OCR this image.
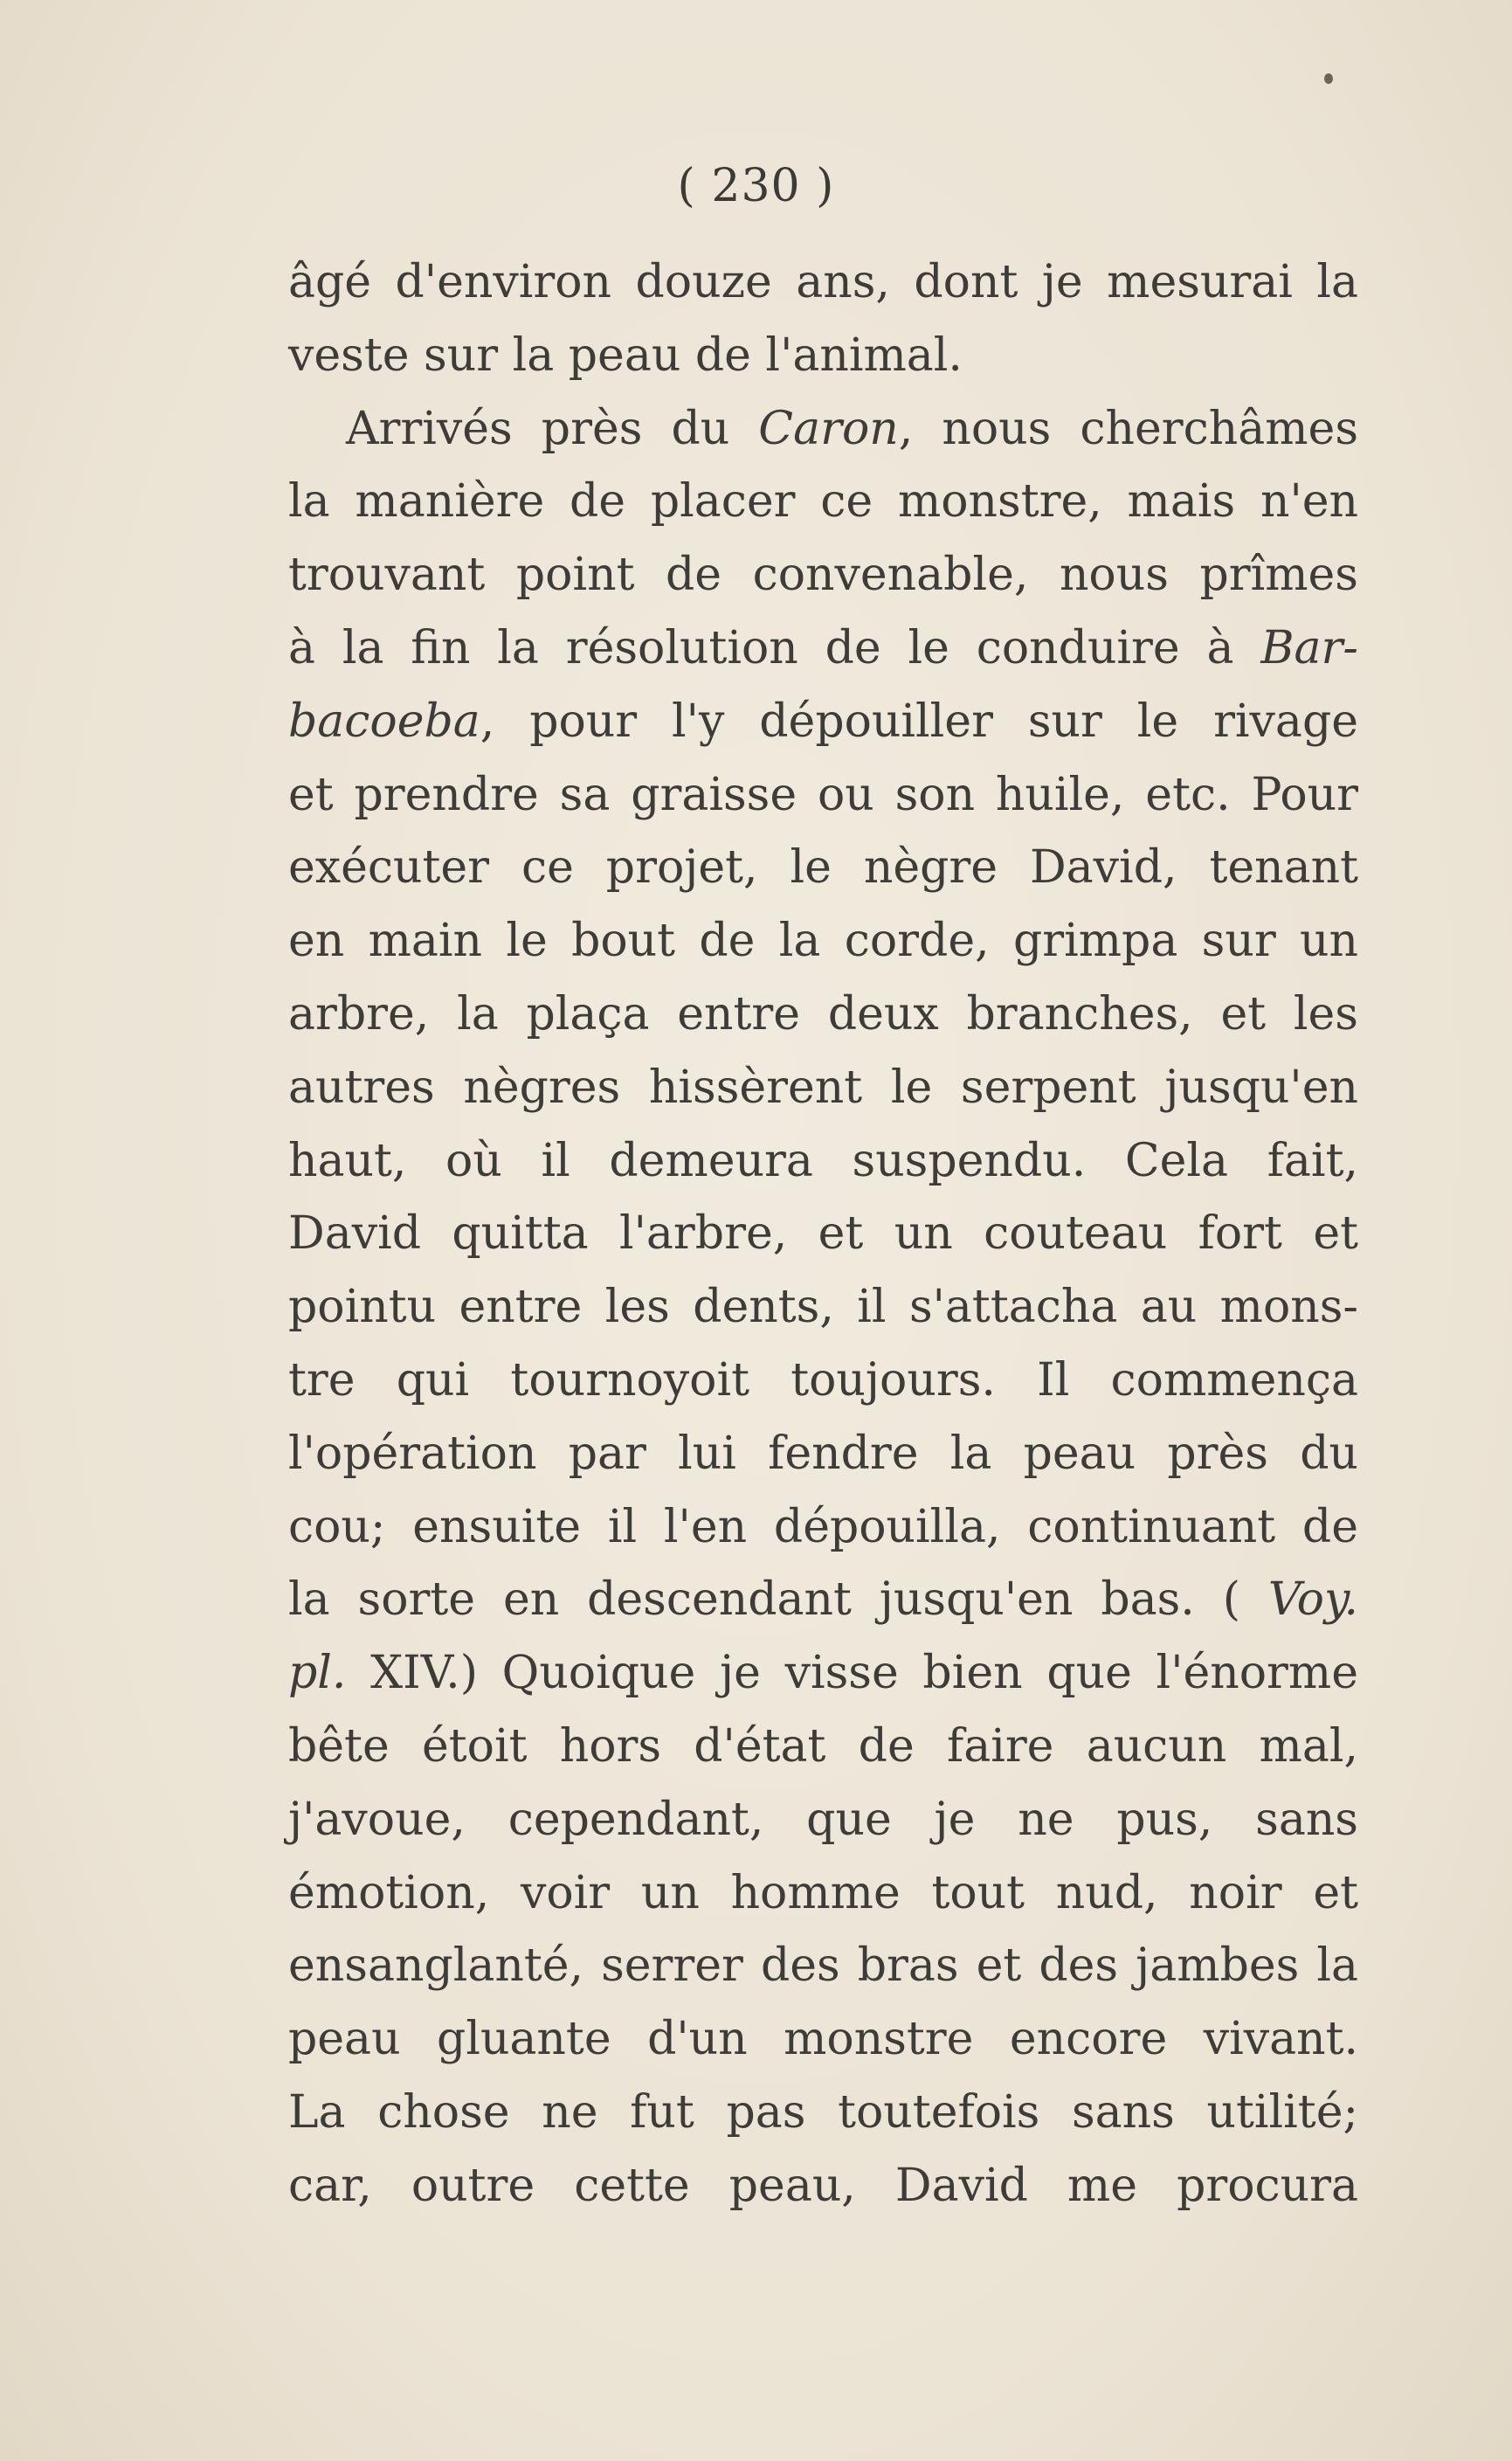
( 230 )
âgé d'environ douze ans, dont je mesurai la
veste sur la peau de l'animal.
Arrivés près du Caron, nous cherchâmes
la manière de placer ce monstre, mais n'en
trouvant point de convenable, nous prîmes
à la fin la résolution de le conduire à Bar-
bacoeba, pour l'y dépouiller sur le rivage
et prendre sa graisse ou son huile, etc. Pour
exécuter ce projet, le nègre David, tenant
en main le bout de la corde, grimpa sur un
arbre, la plaça entre deux branches, et les
autres nègres hissèrent le serpent jusqu'en
haut, où il demeura suspendu. Cela fait,
David quitta l'arbre, et un couteau fort et
pointu entre les dents, il s'attacha au mons-
tre qui tournoyoit toujours. Il commença
l'opération par lui fendre la peau près du
cou; ensuite il l'en dépouilla, continuant de
la sorte en descendant jusqu'en bas. ( Voy.
pl. XIV.) Quoique je visse bien que l'énorme
bête étoit hors d'état de faire aucun mal,
j'avoue, cependant, que je ne pus, sans
émotion, voir un homme tout nud, noir et
ensanglanté, serrer des bras et des jambes la
peau gluante d'un monstre encore vivant.
La chose ne fut pas toutefois sans utilité;
car, outre cette peau, David me procura
